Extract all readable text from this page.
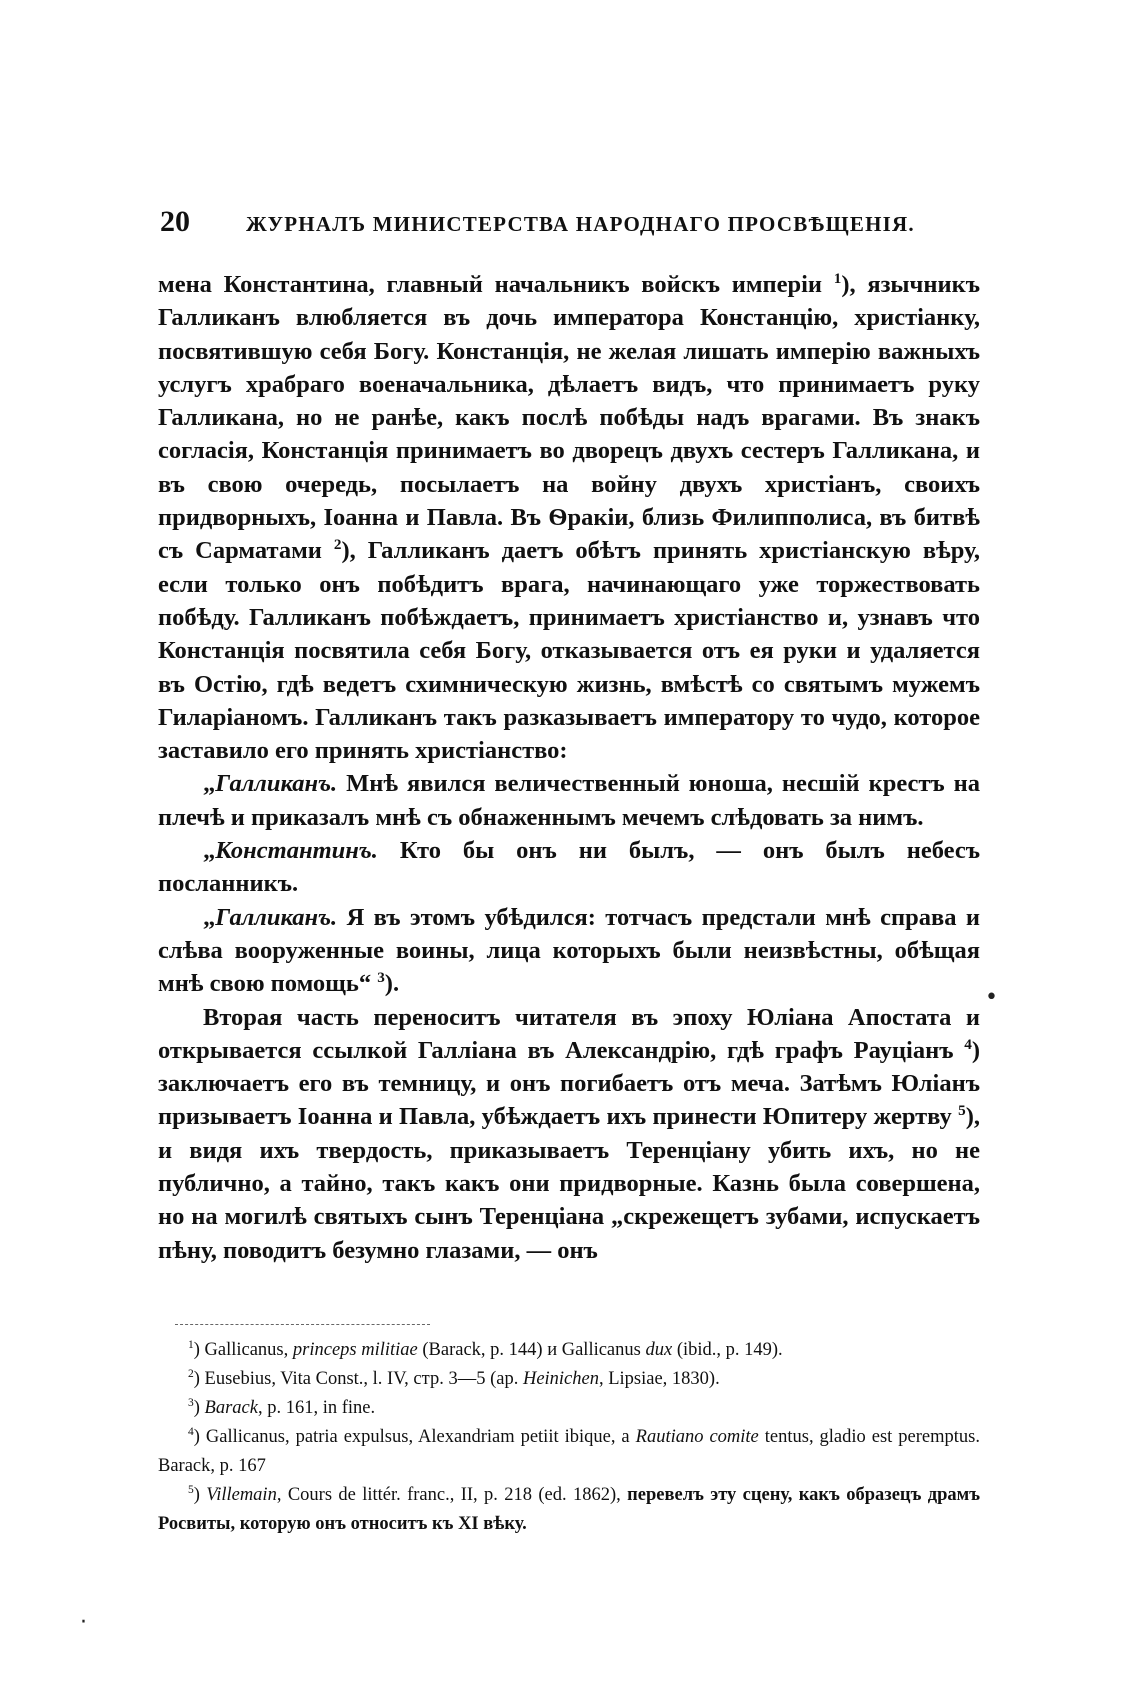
20	ЖУРНАЛЪ МИНИСТЕРСТВА НАРОДНАГО ПРОСВѢЩЕНІЯ.

мена Константина, главный начальникъ войскъ имперіи $^1$), язычникъ Галликанъ влюбляется въ дочь императора Констанцію, христіанку, посвятившую себя Богу. Констанція, не желая лишать имперію важныхъ услугъ храбраго военачальника, дѣлаетъ видъ, что принимаетъ руку Галликана, но не ранѣе, какъ послѣ побѣды надъ врагами. Въ знакъ согласія, Констанція принимаетъ во дворецъ двухъ сестеръ Галликана, и въ свою очередь, посылаетъ на войну двухъ христіанъ, своихъ придворныхъ, Іоанна и Павла. Въ Ѳракіи, близь Филипполиса, въ битвѣ съ Сарматами $^2$), Галликанъ даетъ обѣтъ принять христіанскую вѣру, если только онъ побѣдитъ врага, начинающаго уже торжествовать побѣду. Галликанъ побѣждаетъ, принимаетъ христіанство и, узнавъ что Констанція посвятила себя Богу, отказывается отъ ея руки и удаляется въ Остію, гдѣ ведетъ схимническую жизнь, вмѣстѣ со святымъ мужемъ Гиларіаномъ. Галликанъ такъ разказываетъ императору то чудо, которое заставило его принять христіанство:

„Галликанъ. Мнѣ явился величественный юноша, несшій крестъ на плечѣ и приказалъ мнѣ съ обнаженнымъ мечемъ слѣдовать за нимъ.

„Константинъ. Кто бы онъ ни былъ, — онъ былъ небесъ посланникъ.

„Галликанъ. Я въ этомъ убѣдился: тотчасъ предстали мнѣ справа и слѣва вооруженные воины, лица которыхъ были неизвѣстны, обѣщая мнѣ свою помощь“ $^3$).

Вторая часть переноситъ читателя въ эпоху Юліана Апостата и открывается ссылкой Галліана въ Александрію, гдѣ графъ Рауціанъ $^4$) заключаетъ его въ темницу, и онъ погибаетъ отъ меча. Затѣмъ Юліанъ призываетъ Іоанна и Павла, убѣждаетъ ихъ принести Юпитеру жертву $^5$), и видя ихъ твердость, приказываетъ Теренціану убить ихъ, но не публично, а тайно, такъ какъ они придворные. Казнь была совершена, но на могилѣ святыхъ сынъ Теренціана „скрежещетъ зубами, испускаетъ пѣну, поводитъ безумно глазами, — онъ

$^1$) Gallicanus, princeps militiae (Barack, p. 144) и Gallicanus dux (ibid., p. 149).

$^2$) Eusebius, Vita Const., l. IV, стр. 3—5 (ap. Heinichen, Lipsiae, 1830).

$^3$) Barack, p. 161, in fine.

$^4$) Gallicanus, patria expulsus, Alexandriam petiit ibique, a Rautiano comite tentus, gladio est peremptus. Barack, p. 167

$^5$) Villemain, Cours de littér. franc., II, p. 218 (ed. 1862), перевелъ эту сцену, какъ образецъ драмъ Росвиты, которую онъ относитъ къ XI вѣку.

•
·
